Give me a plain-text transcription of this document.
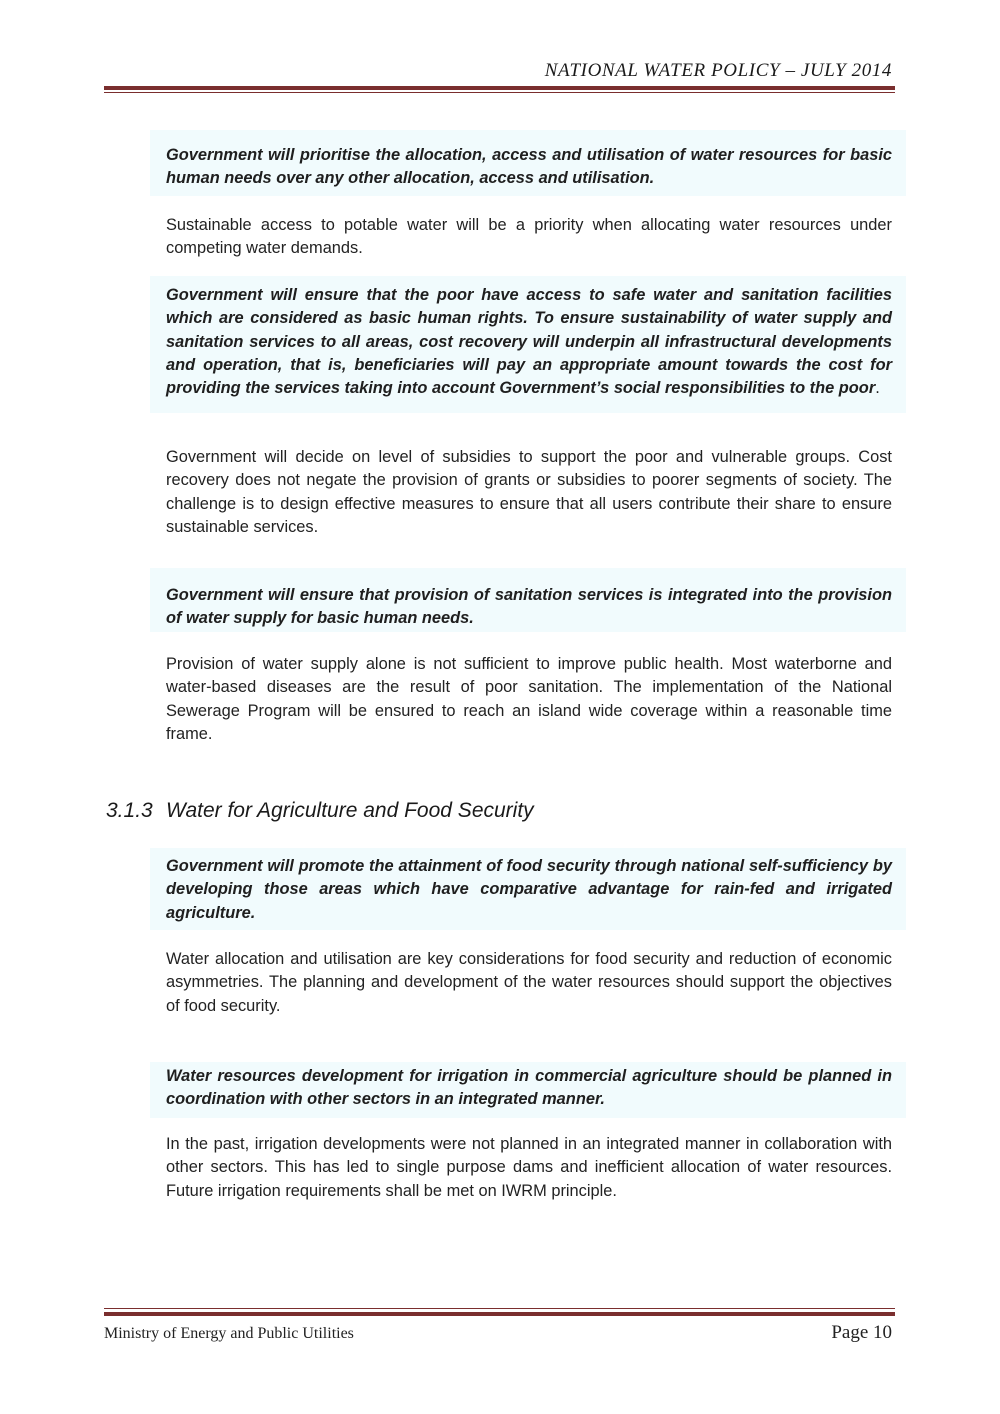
NATIONAL WATER POLICY – JULY 2014
Government will prioritise the allocation, access and utilisation of water resources for basic human needs over any other allocation, access and utilisation.
Sustainable access to potable water will be a priority when allocating water resources under competing water demands.
Government will ensure that the poor have access to safe water and sanitation facilities which are considered as basic human rights. To ensure sustainability of water supply and sanitation services to all areas, cost recovery will underpin all infrastructural developments and operation, that is, beneficiaries will pay an appropriate amount towards the cost for providing the services taking into account Government’s social responsibilities to the poor.
Government will decide on level of subsidies to support the poor and vulnerable groups. Cost recovery does not negate the provision of grants or subsidies to poorer segments of society. The challenge is to design effective measures to ensure that all users contribute their share to ensure sustainable services.
Government will ensure that provision of sanitation services is integrated into the provision of water supply for basic human needs.
Provision of water supply alone is not sufficient to improve public health. Most waterborne and water-based diseases are the result of poor sanitation. The implementation of the National Sewerage Program will be ensured to reach an island wide coverage within a reasonable time frame.
3.1.3 Water for Agriculture and Food Security
Government will promote the attainment of food security through national self-sufficiency by developing those areas which have comparative advantage for rain-fed and irrigated agriculture.
Water allocation and utilisation are key considerations for food security and reduction of economic asymmetries. The planning and development of the water resources should support the objectives of food security.
Water resources development for irrigation in commercial agriculture should be planned in coordination with other sectors in an integrated manner.
In the past, irrigation developments were not planned in an integrated manner in collaboration with other sectors. This has led to single purpose dams and inefficient allocation of water resources. Future irrigation requirements shall be met on IWRM principle.
Ministry of Energy and Public Utilities	Page 10
